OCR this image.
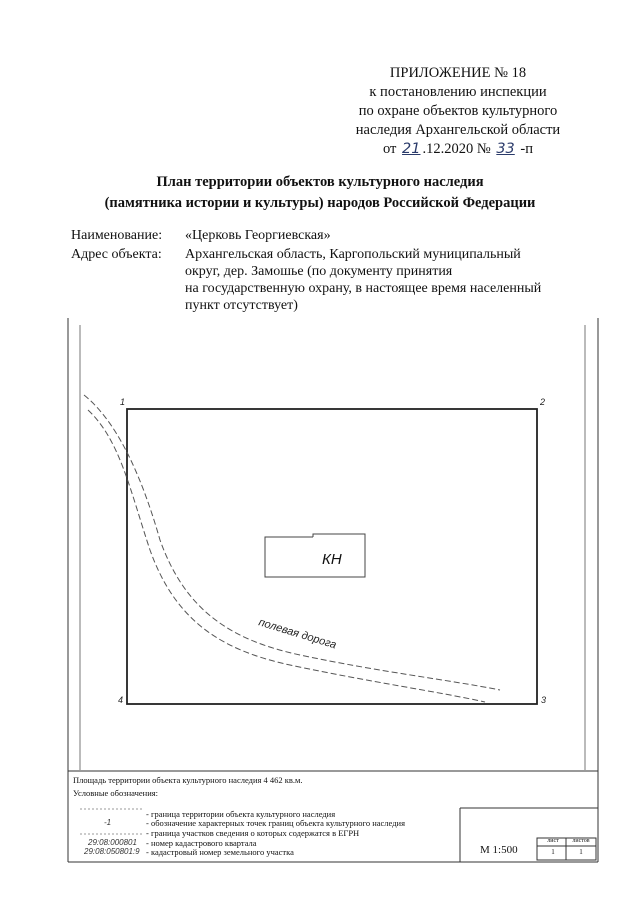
ПРИЛОЖЕНИЕ № 18
к постановлению инспекции
по охране объектов культурного
наследия Архангельской области
от 21 .12.2020 № 33 -п
План территории объектов культурного наследия
(памятника истории и культуры) народов Российской Федерации
Наименование: «Церковь Георгиевская»
Адрес объекта: Архангельская область, Каргопольский муниципальный
округ, дер. Замошье (по документу принятия
на государственную охрану, в настоящее время населенный
пункт отсутствует)
КН
полевая дорога
1	2
3
4
Площадь территории объекта культурного наследия 4 462 кв.м.
Условные обозначения:
- граница территории объекта культурного наследия
-1	- обозначение характерных точек границ объекта культурного наследия
- граница участков сведения о которых содержатся в ЕГРН
29:08:000801 - номер кадастрового квартала
29:08:050801:9 - кадастровый номер земельного участка	М 1:500
лист	листов
1	1
